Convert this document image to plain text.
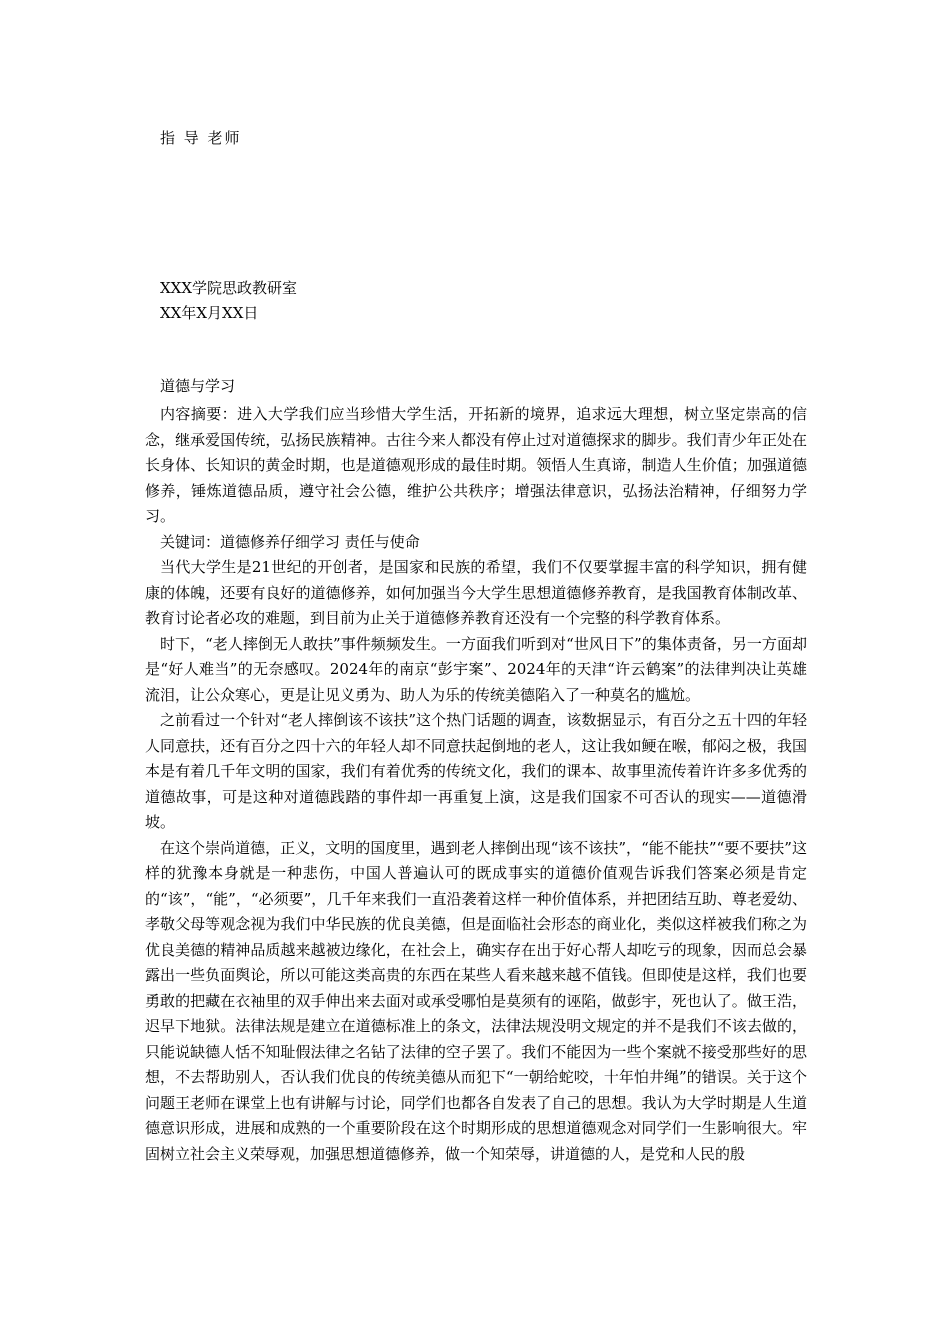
指 导 老师
XXX学院思政教研室
XX年X月XX日
道德与学习

内容摘要：进入大学我们应当珍惜大学生活，开拓新的境界，追求远大理想，树立坚定崇高的信念，继承爱国传统，弘扬民族精神。古往今来人都没有停止过对道德探求的脚步。我们青少年正处在长身体、长知识的黄金时期，也是道德观形成的最佳时期。领悟人生真谛，制造人生价值；加强道德修养，锤炼道德品质，遵守社会公德，维护公共秩序；增强法律意识，弘扬法治精神，仔细努力学习。

关键词：道德修养仔细学习 责任与使命

当代大学生是21世纪的开创者，是国家和民族的希望，我们不仅要掌握丰富的科学知识，拥有健康的体魄，还要有良好的道德修养，如何加强当今大学生思想道德修养教育，是我国教育体制改革、教育讨论者必攻的难题，到目前为止关于道德修养教育还没有一个完整的科学教育体系。

时下，“老人摔倒无人敢扶”事件频频发生。一方面我们听到对“世风日下”的集体责备，另一方面却是“好人难当”的无奈感叹。2024年的南京“彭宇案”、2024年的天津“许云鹤案”的法律判决让英雄流泪，让公众寒心，更是让见义勇为、助人为乐的传统美德陷入了一种莫名的尴尬。

之前看过一个针对“老人摔倒该不该扶”这个热门话题的调查，该数据显示，有百分之五十四的年轻人同意扶，还有百分之四十六的年轻人却不同意扶起倒地的老人，这让我如鲠在喉，郁闷之极，我国本是有着几千年文明的国家，我们有着优秀的传统文化，我们的课本、故事里流传着许许多多优秀的道德故事，可是这种对道德践踏的事件却一再重复上演，这是我们国家不可否认的现实——道德滑坡。

在这个崇尚道德，正义，文明的国度里，遇到老人摔倒出现“该不该扶”，“能不能扶”“要不要扶”这样的犹豫本身就是一种悲伤，中国人普遍认可的既成事实的道德价值观告诉我们答案必须是肯定的“该”，“能”，“必须要”，几千年来我们一直沿袭着这样一种价值体系，并把团结互助、尊老爱幼、孝敬父母等观念视为我们中华民族的优良美德，但是面临社会形态的商业化，类似这样被我们称之为优良美德的精神品质越来越被边缘化，在社会上，确实存在出于好心帮人却吃亏的现象，因而总会暴露出一些负面舆论，所以可能这类高贵的东西在某些人看来越来越不值钱。但即使是这样，我们也要勇敢的把藏在衣袖里的双手伸出来去面对或承受哪怕是莫须有的诬陷，做彭宇，死也认了。做王浩，迟早下地狱。法律法规是建立在道德标准上的条文，法律法规没明文规定的并不是我们不该去做的，只能说缺德人恬不知耻假法律之名钻了法律的空子罢了。我们不能因为一些个案就不接受那些好的思想，不去帮助别人，否认我们优良的传统美德从而犯下“一朝给蛇咬，十年怕井绳”的错误。关于这个问题王老师在课堂上也有讲解与讨论，同学们也都各自发表了自己的思想。我认为大学时期是人生道德意识形成，进展和成熟的一个重要阶段在这个时期形成的思想道德观念对同学们一生影响很大。牢固树立社会主义荣辱观，加强思想道德修养，做一个知荣辱，讲道德的人，是党和人民的殷
